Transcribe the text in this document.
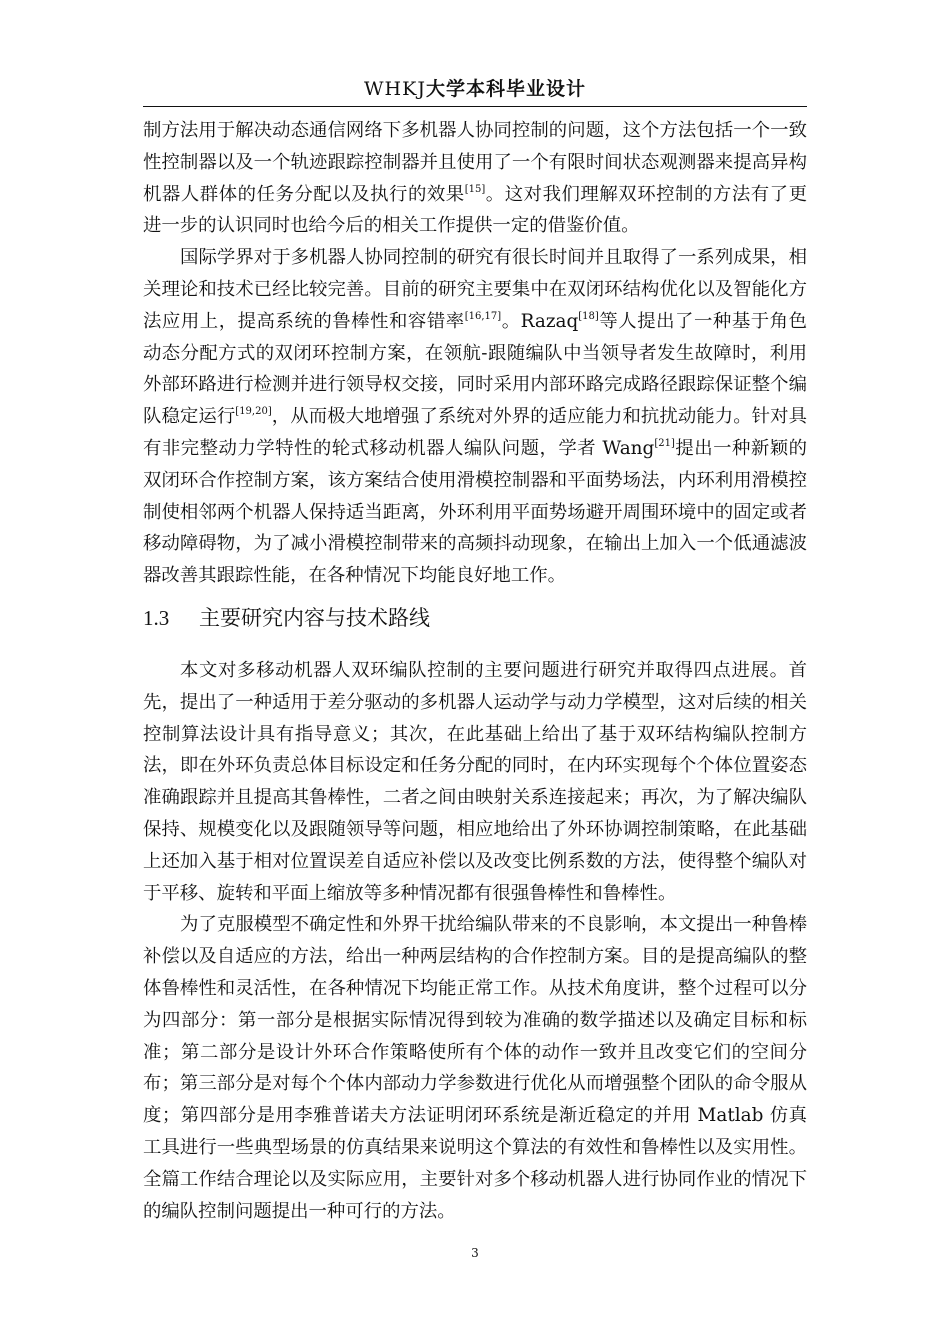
WHKJ大学本科毕业设计

制方法用于解决动态通信网络下多机器人协同控制的问题，这个方法包括一个一致性控制器以及一个轨迹跟踪控制器并且使用了一个有限时间状态观测器来提高异构机器人群体的任务分配以及执行的效果[15]。这对我们理解双环控制的方法有了更进一步的认识同时也给今后的相关工作提供一定的借鉴价值。

国际学界对于多机器人协同控制的研究有很长时间并且取得了一系列成果，相关理论和技术已经比较完善。目前的研究主要集中在双闭环结构优化以及智能化方法应用上，提高系统的鲁棒性和容错率[16,17]。Razaq[18]等人提出了一种基于角色动态分配方式的双闭环控制方案，在领航-跟随编队中当领导者发生故障时，利用外部环路进行检测并进行领导权交接，同时采用内部环路完成路径跟踪保证整个编队稳定运行[19,20]，从而极大地增强了系统对外界的适应能力和抗扰动能力。针对具有非完整动力学特性的轮式移动机器人编队问题，学者 Wang[21]提出一种新颖的双闭环合作控制方案，该方案结合使用滑模控制器和平面势场法，内环利用滑模控制使相邻两个机器人保持适当距离，外环利用平面势场避开周围环境中的固定或者移动障碍物，为了减小滑模控制带来的高频抖动现象，在输出上加入一个低通滤波器改善其跟踪性能，在各种情况下均能良好地工作。

1.3 主要研究内容与技术路线

本文对多移动机器人双环编队控制的主要问题进行研究并取得四点进展。首先，提出了一种适用于差分驱动的多机器人运动学与动力学模型，这对后续的相关控制算法设计具有指导意义；其次，在此基础上给出了基于双环结构编队控制方法，即在外环负责总体目标设定和任务分配的同时，在内环实现每个个体位置姿态准确跟踪并且提高其鲁棒性，二者之间由映射关系连接起来；再次，为了解决编队保持、规模变化以及跟随领导等问题，相应地给出了外环协调控制策略，在此基础上还加入基于相对位置误差自适应补偿以及改变比例系数的方法，使得整个编队对于平移、旋转和平面上缩放等多种情况都有很强鲁棒性和鲁棒性。

为了克服模型不确定性和外界干扰给编队带来的不良影响，本文提出一种鲁棒补偿以及自适应的方法，给出一种两层结构的合作控制方案。目的是提高编队的整体鲁棒性和灵活性，在各种情况下均能正常工作。从技术角度讲，整个过程可以分为四部分：第一部分是根据实际情况得到较为准确的数学描述以及确定目标和标准；第二部分是设计外环合作策略使所有个体的动作一致并且改变它们的空间分布；第三部分是对每个个体内部动力学参数进行优化从而增强整个团队的命令服从度；第四部分是用李雅普诺夫方法证明闭环系统是渐近稳定的并用 Matlab 仿真工具进行一些典型场景的仿真结果来说明这个算法的有效性和鲁棒性以及实用性。全篇工作结合理论以及实际应用，主要针对多个移动机器人进行协同作业的情况下的编队控制问题提出一种可行的方法。

3
